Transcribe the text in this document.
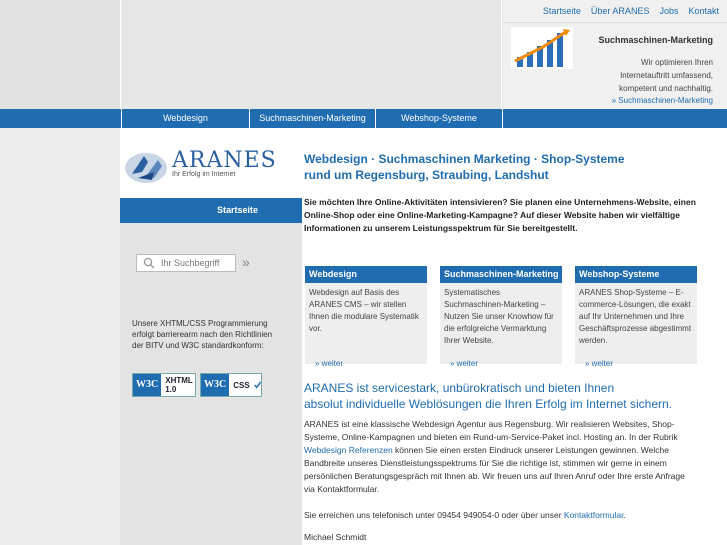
Startseite Über ARANES Jobs Kontakt
Suchmaschinen-Marketing
Wir optimieren Ihren Internetauftritt umfassend, kompetent und nachhaltig.
» Suchmaschinen-Marketing
Webdesign	Suchmaschinen-Marketing	Webshop-Systeme
ARANES
Ihr Erfolg im Internet
Startseite
Ihr Suchbegriff
»
Unsere XHTML/CSS Programmierung erfolgt barrierearm nach den Richtlinien der BITV und W3C standardkonform:
W3C XHTML 1.0	W3C CSS
Webdesign · Suchmaschinen Marketing · Shop-Systeme
rund um Regensburg, Straubing, Landshut
Sie möchten Ihre Online-Aktivitäten intensivieren? Sie planen eine Unternehmens-Website, einen Online-Shop oder eine Online-Marketing-Kampagne? Auf dieser Website haben wir vielfältige Informationen zu unserem Leistungsspektrum für Sie bereitgestellt.
Webdesign
Webdesign auf Basis des ARANES CMS – wir stellen Ihnen die modulare Systematik vor.
» weiter
Suchmaschinen-Marketing
Systematisches Suchmaschinen-Marketing – Nutzen Sie unser Knowhow für die erfolgreiche Vermarktung Ihrer Website.
» weiter
Webshop-Systeme
ARANES Shop-Systeme – E-commerce-Lösungen, die exakt auf Ihr Unternehmen und Ihre Geschäftsprozesse abgestimmt werden.
» weiter
ARANES ist servicestark, unbürokratisch und bieten Ihnen
absolut individuelle Weblösungen die Ihren Erfolg im Internet sichern.
ARANES ist eine klassische Webdesign Agentur aus Regensburg. Wir realisieren Websites, Shop-Systeme, Online-Kampagnen und bieten ein Rund-um-Service-Paket incl. Hosting an. In der Rubrik Webdesign Referenzen können Sie einen ersten Eindruck unserer Leistungen gewinnen. Welche Bandbreite unseres Dienstleistungsspektrums für Sie die richtige ist, stimmen wir gerne in einem persönlichen Beratungsgespräch mit Ihnen ab. Wir freuen uns auf Ihren Anruf oder Ihre erste Anfrage via Kontaktformular.
Sie erreichen uns telefonisch unter 09454 949054-0 oder über unser Kontaktformular.
Michael Schmidt
